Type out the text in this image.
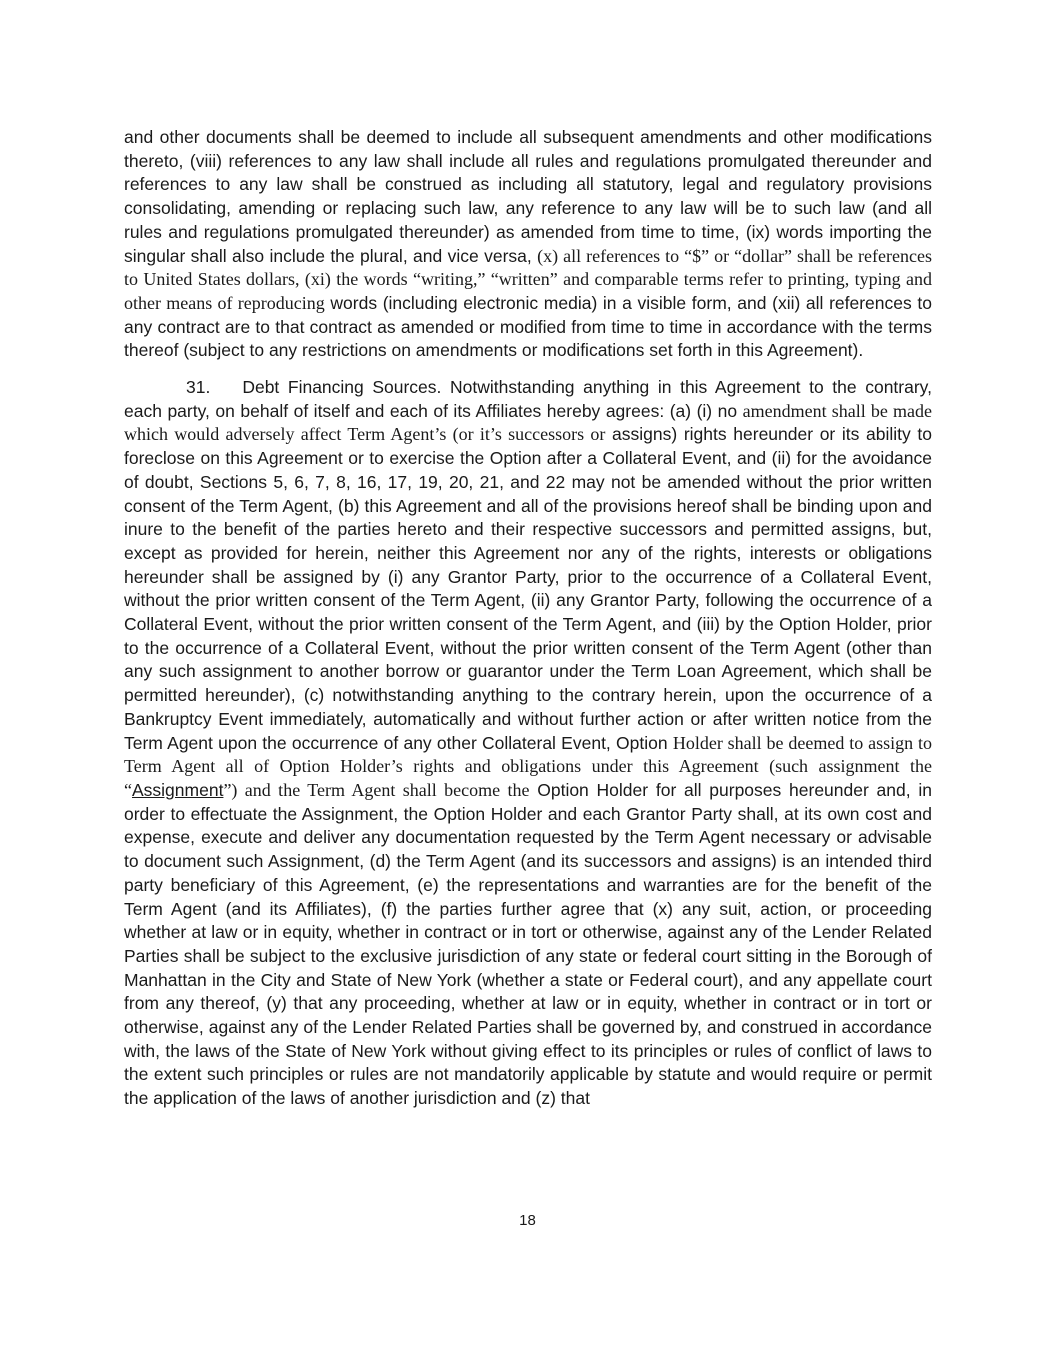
and other documents shall be deemed to include all subsequent amendments and other modifications thereto, (viii) references to any law shall include all rules and regulations promulgated thereunder and references to any law shall be construed as including all statutory, legal and regulatory provisions consolidating, amending or replacing such law, any reference to any law will be to such law (and all rules and regulations promulgated thereunder) as amended from time to time, (ix) words importing the singular shall also include the plural, and vice versa, (x) all references to “$” or “dollar” shall be references to United States dollars, (xi) the words “writing,” “written” and comparable terms refer to printing, typing and other means of reproducing words (including electronic media) in a visible form, and (xii) all references to any contract are to that contract as amended or modified from time to time in accordance with the terms thereof (subject to any restrictions on amendments or modifications set forth in this Agreement).

31. Debt Financing Sources. Notwithstanding anything in this Agreement to the contrary, each party, on behalf of itself and each of its Affiliates hereby agrees: (a) (i) no amendment shall be made which would adversely affect Term Agent’s (or it’s successors or assigns) rights hereunder or its ability to foreclose on this Agreement or to exercise the Option after a Collateral Event, and (ii) for the avoidance of doubt, Sections 5, 6, 7, 8, 16, 17, 19, 20, 21, and 22 may not be amended without the prior written consent of the Term Agent, (b) this Agreement and all of the provisions hereof shall be binding upon and inure to the benefit of the parties hereto and their respective successors and permitted assigns, but, except as provided for herein, neither this Agreement nor any of the rights, interests or obligations hereunder shall be assigned by (i) any Grantor Party, prior to the occurrence of a Collateral Event, without the prior written consent of the Term Agent, (ii) any Grantor Party, following the occurrence of a Collateral Event, without the prior written consent of the Term Agent, and (iii) by the Option Holder, prior to the occurrence of a Collateral Event, without the prior written consent of the Term Agent (other than any such assignment to another borrow or guarantor under the Term Loan Agreement, which shall be permitted hereunder), (c) notwithstanding anything to the contrary herein, upon the occurrence of a Bankruptcy Event immediately, automatically and without further action or after written notice from the Term Agent upon the occurrence of any other Collateral Event, Option Holder shall be deemed to assign to Term Agent all of Option Holder’s rights and obligations under this Agreement (such assignment the “Assignment”) and the Term Agent shall become the Option Holder for all purposes hereunder and, in order to effectuate the Assignment, the Option Holder and each Grantor Party shall, at its own cost and expense, execute and deliver any documentation requested by the Term Agent necessary or advisable to document such Assignment, (d) the Term Agent (and its successors and assigns) is an intended third party beneficiary of this Agreement, (e) the representations and warranties are for the benefit of the Term Agent (and its Affiliates), (f) the parties further agree that (x) any suit, action, or proceeding whether at law or in equity, whether in contract or in tort or otherwise, against any of the Lender Related Parties shall be subject to the exclusive jurisdiction of any state or federal court sitting in the Borough of Manhattan in the City and State of New York (whether a state or Federal court), and any appellate court from any thereof, (y) that any proceeding, whether at law or in equity, whether in contract or in tort or otherwise, against any of the Lender Related Parties shall be governed by, and construed in accordance with, the laws of the State of New York without giving effect to its principles or rules of conflict of laws to the extent such principles or rules are not mandatorily applicable by statute and would require or permit the application of the laws of another jurisdiction and (z) that

18
